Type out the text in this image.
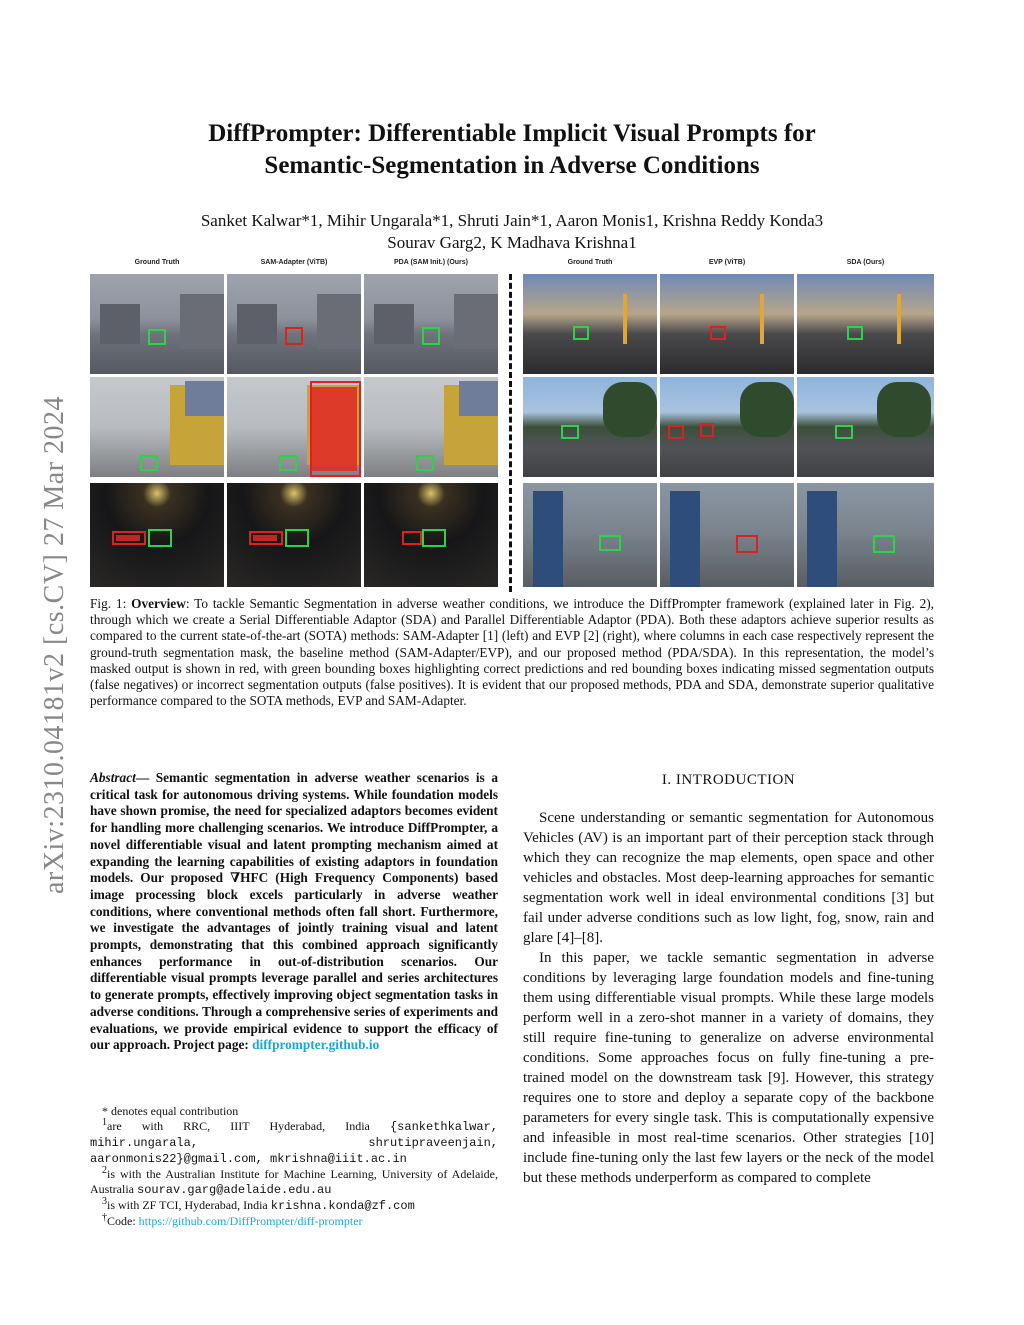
arXiv:2310.04181v2 [cs.CV] 27 Mar 2024
DiffPrompter: Differentiable Implicit Visual Prompts for
Semantic-Segmentation in Adverse Conditions
Sanket Kalwar*1, Mihir Ungarala*1, Shruti Jain*1, Aaron Monis1, Krishna Reddy Konda3
Sourav Garg2, K Madhava Krishna1
Ground Truth	SAM-Adapter (ViTB)	PDA (SAM Init.) (Ours)	Ground Truth	EVP (ViTB)	SDA (Ours)
Fig. 1: Overview: To tackle Semantic Segmentation in adverse weather conditions, we introduce the DiffPrompter framework (explained later in Fig. 2), through which we create a Serial Differentiable Adaptor (SDA) and Parallel Differentiable Adaptor (PDA). Both these adaptors achieve superior results as compared to the current state-of-the-art (SOTA) methods: SAM-Adapter [1] (left) and EVP [2] (right), where columns in each case respectively represent the ground-truth segmentation mask, the baseline method (SAM-Adapter/EVP), and our proposed method (PDA/SDA). In this representation, the model’s masked output is shown in red, with green bounding boxes highlighting correct predictions and red bounding boxes indicating missed segmentation outputs (false negatives) or incorrect segmentation outputs (false positives). It is evident that our proposed methods, PDA and SDA, demonstrate superior qualitative performance compared to the SOTA methods, EVP and SAM-Adapter.
Abstract— Semantic segmentation in adverse weather scenarios is a critical task for autonomous driving systems. While foundation models have shown promise, the need for specialized adaptors becomes evident for handling more challenging scenarios. We introduce DiffPrompter, a novel differentiable visual and latent prompting mechanism aimed at expanding the learning capabilities of existing adaptors in foundation models. Our proposed ∇HFC (High Frequency Components) based image processing block excels particularly in adverse weather conditions, where conventional methods often fall short. Furthermore, we investigate the advantages of jointly training visual and latent prompts, demonstrating that this combined approach significantly enhances performance in out-of-distribution scenarios. Our differentiable visual prompts leverage parallel and series architectures to generate prompts, effectively improving object segmentation tasks in adverse conditions. Through a comprehensive series of experiments and evaluations, we provide empirical evidence to support the efficacy of our approach. Project page: diffprompter.github.io
* denotes equal contribution
$^1$are with RRC, IIIT Hyderabad, India {sankethkalwar, mihir.ungarala, shrutipraveenjain, aaronmonis22}@gmail.com, mkrishna@iiit.ac.in
$^2$is with the Australian Institute for Machine Learning, University of Adelaide, Australia sourav.garg@adelaide.edu.au
$^3$is with ZF TCI, Hyderabad, India krishna.konda@zf.com
†Code: https://github.com/DiffPrompter/diff-prompter
I. INTRODUCTION

Scene understanding or semantic segmentation for Autonomous Vehicles (AV) is an important part of their perception stack through which they can recognize the map elements, open space and other vehicles and obstacles. Most deep-learning approaches for semantic segmentation work well in ideal environmental conditions [3] but fail under adverse conditions such as low light, fog, snow, rain and glare [4]–[8].

In this paper, we tackle semantic segmentation in adverse conditions by leveraging large foundation models and fine-tuning them using differentiable visual prompts. While these large models perform well in a zero-shot manner in a variety of domains, they still require fine-tuning to generalize on adverse environmental conditions. Some approaches focus on fully fine-tuning a pre-trained model on the downstream task [9]. However, this strategy requires one to store and deploy a separate copy of the backbone parameters for every single task. This is computationally expensive and infeasible in most real-time scenarios. Other strategies [10] include fine-tuning only the last few layers or the neck of the model but these methods underperform as compared to complete
